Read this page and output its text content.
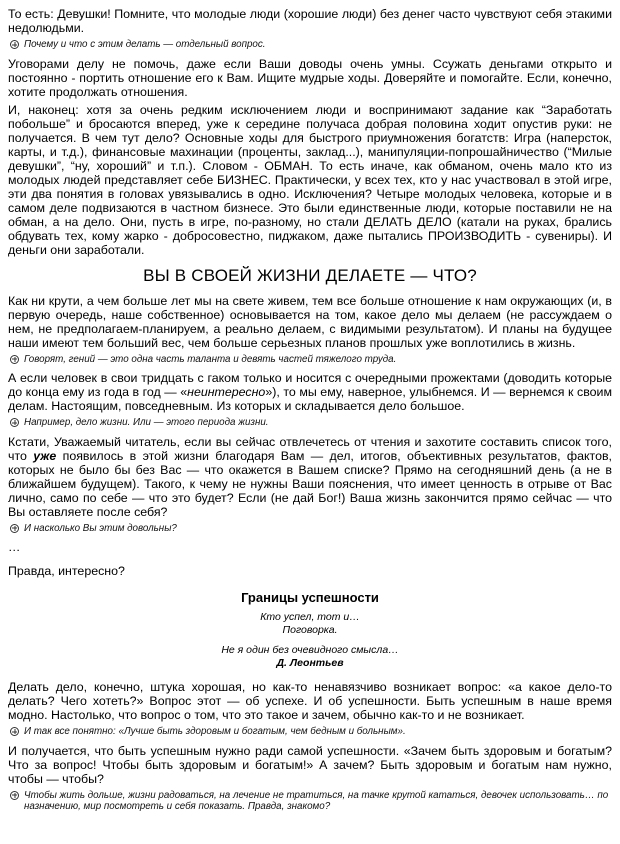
То есть: Девушки! Помните, что молодые люди (хорошие люди) без денег часто чувствуют себя этакими недолюдьми.

Почему и что с этим делать — отдельный вопрос.

Уговорами делу не помочь, даже если Ваши доводы очень умны. Ссужать деньгами открыто и постоянно - портить отношение его к Вам. Ищите мудрые ходы. Доверяйте и помогайте. Если, конечно, хотите продолжать отношения.

И, наконец: хотя за очень редким исключением люди и воспринимают задание как “Заработать побольше” и бросаются вперед, уже к середине получаса добрая половина ходит опустив руки: не получается. В чем тут дело? Основные ходы для быстрого приумножения богатств: Игра (наперсток, карты, и т.д.), финансовые махинации (проценты, заклад...), манипуляции-попрошайничество (“Милые девушки”, “ну, хороший” и т.п.). Словом - ОБМАН. То есть иначе, как обманом, очень мало кто из молодых людей представляет себе БИЗНЕС. Практически, у всех тех, кто у нас участвовал в этой игре, эти два понятия в головах увязывались в одно. Исключения? Четыре молодых человека, которые и в самом деле подвизаются в частном бизнесе. Это были единственные люди, которые поставили не на обман, а на дело. Они, пусть в игре, по-разному, но стали ДЕЛАТЬ ДЕЛО (катали на руках, брались обдувать тех, кому жарко - добросовестно, пиджаком, даже пытались ПРОИЗВОДИТЬ - сувениры). И деньги они заработали.

ВЫ В СВОЕЙ ЖИЗНИ ДЕЛАЕТЕ — ЧТО?

Как ни крути, а чем больше лет мы на свете живем, тем все больше отношение к нам окружающих (и, в первую очередь, наше собственное) основывается на том, какое дело мы делаем (не рассуждаем о нем, не предполагаем-планируем, а реально делаем, с видимыми результатом). И планы на будущее наши имеют тем больший вес, чем больше серьезных планов прошлых уже воплотились в жизнь.

Говорят, гений — это одна часть таланта и девять частей тяжелого труда.

А если человек в свои тридцать с гаком только и носится с очередными прожектами (доводить которые до конца ему из года в год — «неинтересно»), то мы ему, наверное, улыбнемся. И — вернемся к своим делам. Настоящим, повседневным. Из которых и складывается дело большое.

Например, дело жизни. Или — этого периода жизни.

Кстати, Уважаемый читатель, если вы сейчас отвлечетесь от чтения и захотите составить список того, что уже появилось в этой жизни благодаря Вам — дел, итогов, объективных результатов, фактов, которых не было бы без Вас — что окажется в Вашем списке? Прямо на сегодняшний день (а не в ближайшем будущем). Такого, к чему не нужны Ваши пояснения, что имеет ценность в отрыве от Вас лично, само по себе — что это будет? Если (не дай Бог!) Ваша жизнь закончится прямо сейчас — что Вы оставляете после себя?

И насколько Вы этим довольны?

…

Правда, интересно?

Границы успешности
Кто успел, тот и…
Поговорка.
Не я один без очевидного смысла…
Д. Леонтьев

Делать дело, конечно, штука хорошая, но как-то ненавязчиво возникает вопрос: «а какое дело-то делать? Чего хотеть?» Вопрос этот — об успехе. И об успешности. Быть успешным в наше время модно. Настолько, что вопрос о том, что это такое и зачем, обычно как-то и не возникает.

И так все понятно: «Лучше быть здоровым и богатым, чем бедным и больным».

И получается, что быть успешным нужно ради самой успешности. «Зачем быть здоровым и богатым? Что за вопрос! Чтобы быть здоровым и богатым!» А зачем? Быть здоровым и богатым нам нужно, чтобы — чтобы?

Чтобы жить дольше, жизни радоваться, на лечение не тратиться, на тачке крутой кататься, девочек использовать… по назначению, мир посмотреть и себя показать. Правда, знакомо?
